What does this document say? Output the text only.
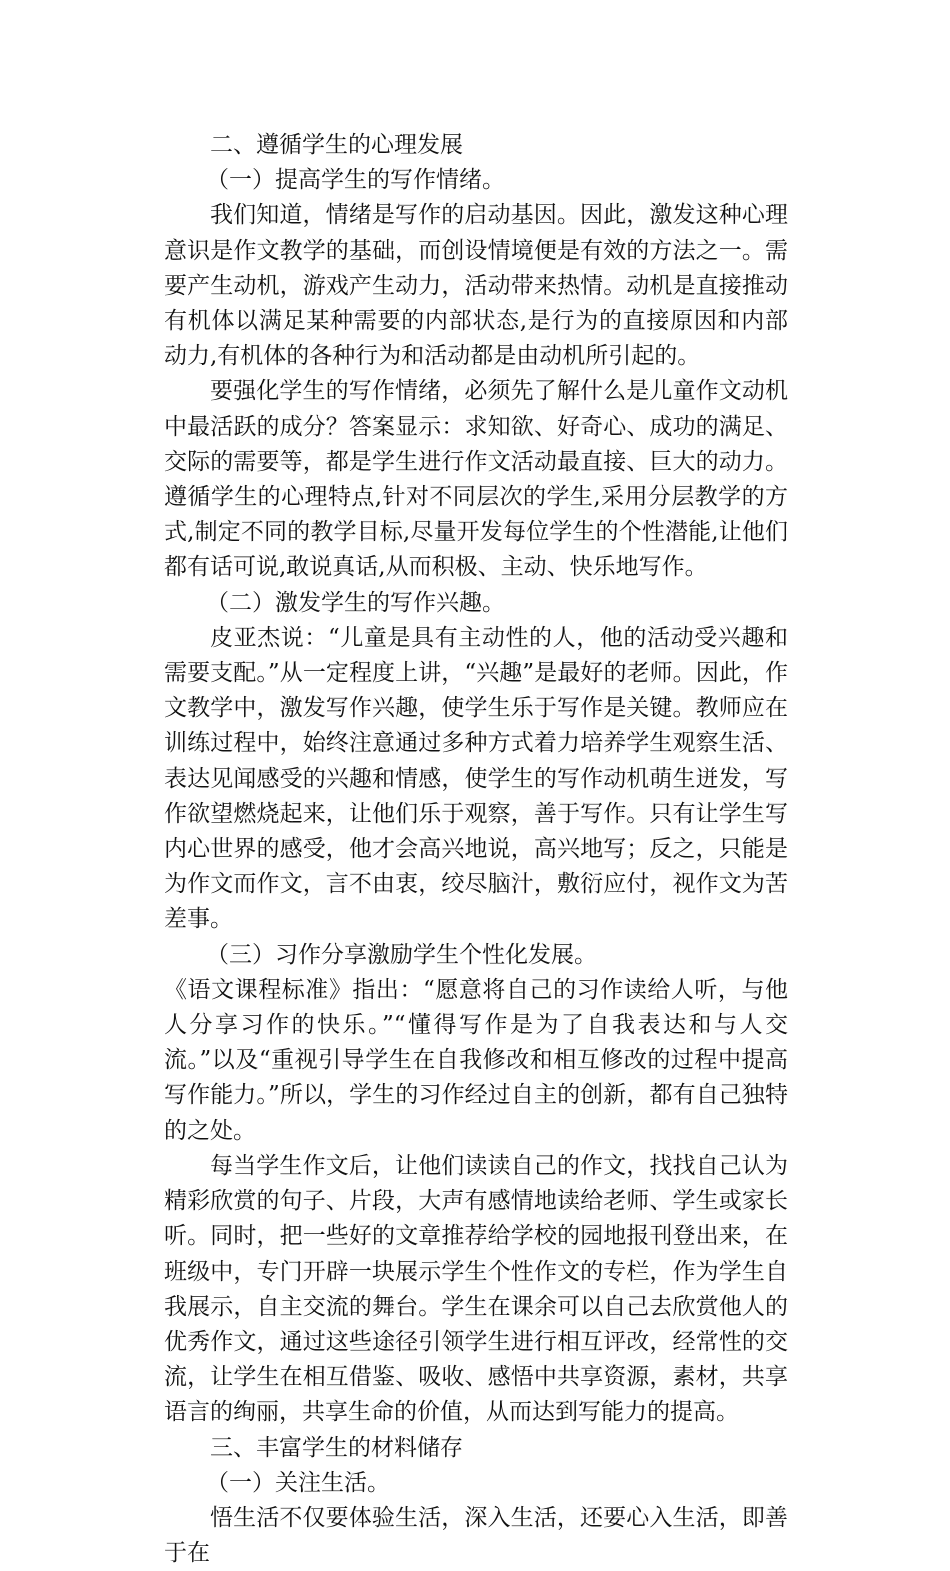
二、遵循学生的心理发展

（一）提高学生的写作情绪。

我们知道，情绪是写作的启动基因。因此，激发这种心理意识是作文教学的基础，而创设情境便是有效的方法之一。需要产生动机，游戏产生动力，活动带来热情。动机是直接推动有机体以满足某种需要的内部状态,是行为的直接原因和内部动力,有机体的各种行为和活动都是由动机所引起的。

要强化学生的写作情绪，必须先了解什么是儿童作文动机中最活跃的成分？答案显示：求知欲、好奇心、成功的满足、交际的需要等，都是学生进行作文活动最直接、巨大的动力。遵循学生的心理特点,针对不同层次的学生,采用分层教学的方式,制定不同的教学目标,尽量开发每位学生的个性潜能,让他们都有话可说,敢说真话,从而积极、主动、快乐地写作。

（二）激发学生的写作兴趣。

皮亚杰说：“儿童是具有主动性的人，他的活动受兴趣和需要支配。”从一定程度上讲，“兴趣”是最好的老师。因此，作文教学中，激发写作兴趣，使学生乐于写作是关键。教师应在训练过程中，始终注意通过多种方式着力培养学生观察生活、表达见闻感受的兴趣和情感，使学生的写作动机萌生迸发，写作欲望燃烧起来，让他们乐于观察，善于写作。只有让学生写内心世界的感受，他才会高兴地说，高兴地写；反之，只能是为作文而作文，言不由衷，绞尽脑汁，敷衍应付，视作文为苦差事。

（三）习作分享激励学生个性化发展。

《语文课程标准》指出：“愿意将自己的习作读给人听，与他人分享习作的快乐。”“懂得写作是为了自我表达和与人交流。”以及“重视引导学生在自我修改和相互修改的过程中提高写作能力。”所以，学生的习作经过自主的创新，都有自己独特的之处。

每当学生作文后，让他们读读自己的作文，找找自己认为精彩欣赏的句子、片段，大声有感情地读给老师、学生或家长听。同时，把一些好的文章推荐给学校的园地报刊登出来，在班级中，专门开辟一块展示学生个性作文的专栏，作为学生自我展示，自主交流的舞台。学生在课余可以自己去欣赏他人的优秀作文，通过这些途径引领学生进行相互评改，经常性的交流，让学生在相互借鉴、吸收、感悟中共享资源，素材，共享语言的绚丽，共享生命的价值，从而达到写能力的提高。

三、丰富学生的材料储存

（一）关注生活。

悟生活不仅要体验生活，深入生活，还要心入生活，即善于在
